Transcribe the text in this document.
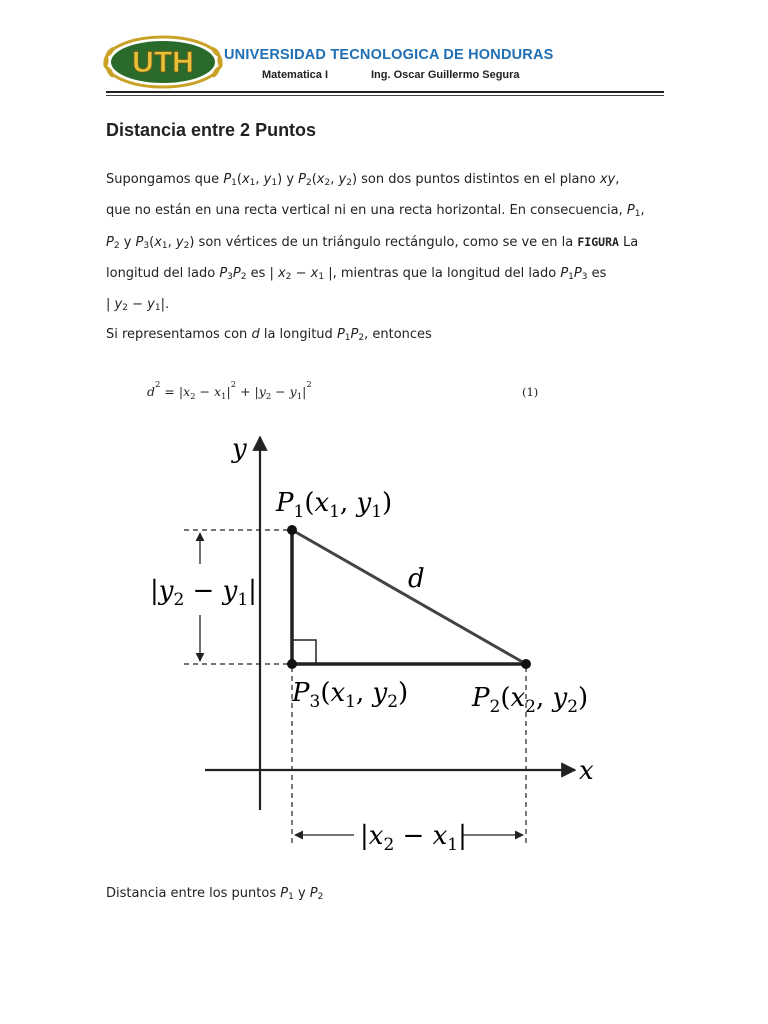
UTH UNIVERSIDAD TECNOLOGICA DE HONDURAS
Matematica I	Ing. Oscar Guillermo Segura
Distancia entre 2 Puntos
Supongamos que $P_1(x_1$, $y_1$) y $P_2(x_2$, $y_2$) son dos puntos distintos en el plano xy,
que no están en una recta vertical ni en una recta horizontal. En consecuencia, $P_1$,
$P_2$ y $P_3(x_1$, $y_2$) son vértices de un triángulo rectángulo, como se ve en la FIGURA La
longitud del lado $P_3P_2$ es | $x_2 - x_1$ |, mientras que la longitud del lado $P_1P_3$ es
| $y_2 - y_1|$.
Si representamos con d la longitud $P_1P_2$, entonces
$d^2 = |x_2 - x_1|^2 + |y_2 - y_1|^2$	(1)
y
x
$P_1(x_1$, $y_1$)
$P_3(x_1$, $y_2$) $P_2(x_2$, $y_2$)
d
$|y_2 - y_1|$
$|x_2 - x_1|$
Distancia entre los puntos $P_1$ y $P_2$
